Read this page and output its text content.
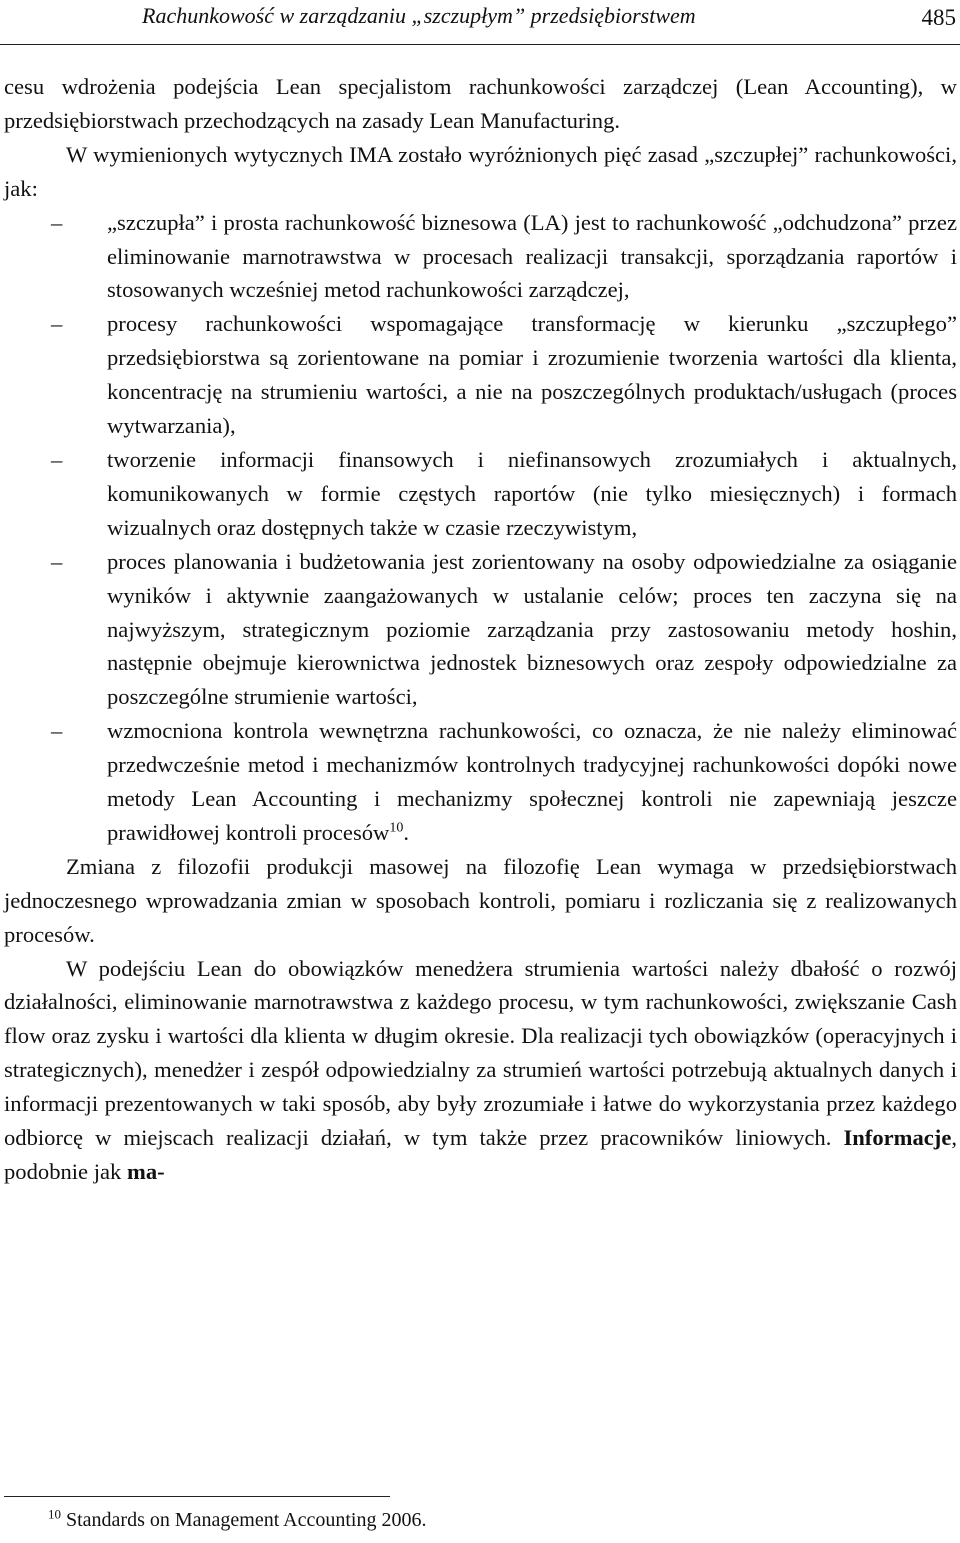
Rachunkowość w zarządzaniu „szczupłym” przedsiębiorstwem	485

cesu wdrożenia podejścia Lean specjalistom rachunkowości zarządczej (Lean Accounting), w przedsiębiorstwach przechodzących na zasady Lean Manufacturing.

W wymienionych wytycznych IMA zostało wyróżnionych pięć zasad „szczupłej” rachunkowości, jak:

– „szczupła” i prosta rachunkowość biznesowa (LA) jest to rachunkowość „odchudzona” przez eliminowanie marnotrawstwa w procesach realizacji transakcji, sporządzania raportów i stosowanych wcześniej metod rachunkowości zarządczej,
– procesy rachunkowości wspomagające transformację w kierunku „szczupłego” przedsiębiorstwa są zorientowane na pomiar i zrozumienie tworzenia wartości dla klienta, koncentrację na strumieniu wartości, a nie na poszczególnych produktach/usługach (proces wytwarzania),
– tworzenie informacji finansowych i niefinansowych zrozumiałych i aktualnych, komunikowanych w formie częstych raportów (nie tylko miesięcznych) i formach wizualnych oraz dostępnych także w czasie rzeczywistym,
– proces planowania i budżetowania jest zorientowany na osoby odpowiedzialne za osiąganie wyników i aktywnie zaangażowanych w ustalanie celów; proces ten zaczyna się na najwyższym, strategicznym poziomie zarządzania przy zastosowaniu metody hoshin, następnie obejmuje kierownictwa jednostek biznesowych oraz zespoły odpowiedzialne za poszczególne strumienie wartości,
– wzmocniona kontrola wewnętrzna rachunkowości, co oznacza, że nie należy eliminować przedwcześnie metod i mechanizmów kontrolnych tradycyjnej rachunkowości dopóki nowe metody Lean Accounting i mechanizmy społecznej kontroli nie zapewniają jeszcze prawidłowej kontroli procesów$^{10}$.

Zmiana z filozofii produkcji masowej na filozofię Lean wymaga w przedsiębiorstwach jednoczesnego wprowadzania zmian w sposobach kontroli, pomiaru i rozliczania się z realizowanych procesów.

W podejściu Lean do obowiązków menedżera strumienia wartości należy dbałość o rozwój działalności, eliminowanie marnotrawstwa z każdego procesu, w tym rachunkowości, zwiększanie Cash flow oraz zysku i wartości dla klienta w długim okresie. Dla realizacji tych obowiązków (operacyjnych i strategicznych), menedżer i zespół odpowiedzialny za strumień wartości potrzebują aktualnych danych i informacji prezentowanych w taki sposób, aby były zrozumiałe i łatwe do wykorzystania przez każdego odbiorcę w miejscach realizacji działań, w tym także przez pracowników liniowych. Informacje, podobnie jak ma-

$^{10}$ Standards on Management Accounting 2006.
